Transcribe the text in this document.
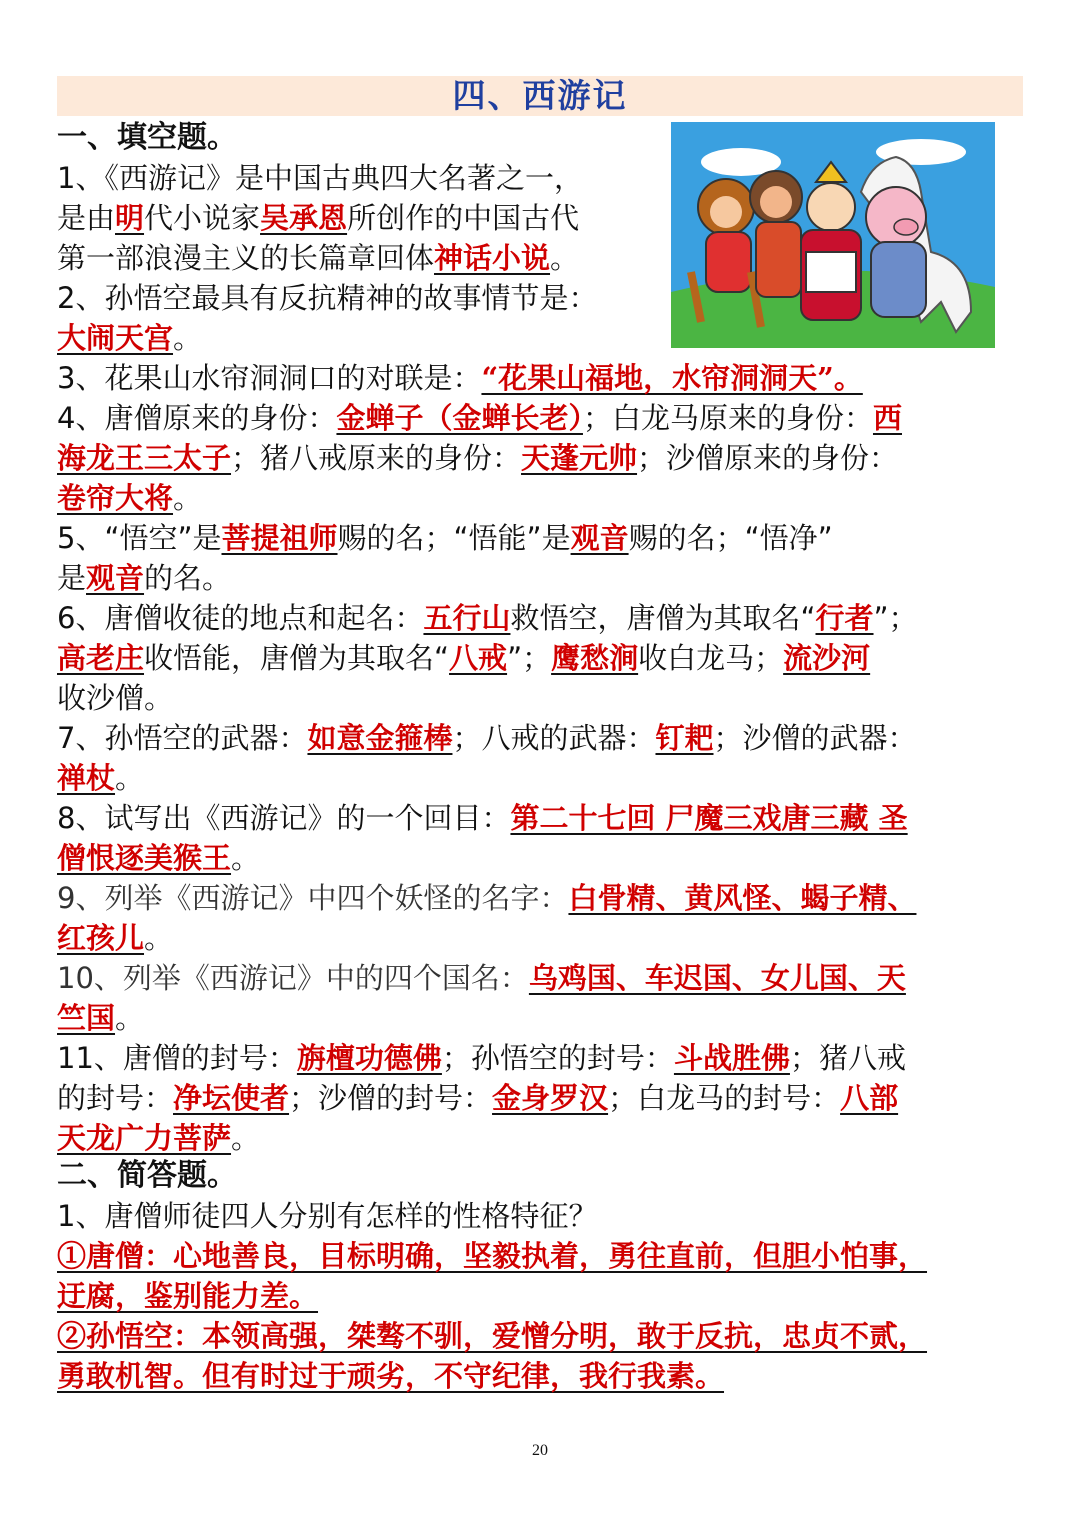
四、西游记
一、填空题。
1、《西游记》是中国古典四大名著之一，
是由明代小说家吴承恩所创作的中国古代
第一部浪漫主义的长篇章回体神话小说。
2、孙悟空最具有反抗精神的故事情节是：
大闹天宫。
3、花果山水帘洞洞口的对联是：“花果山福地，水帘洞洞天”。
4、唐僧原来的身份：金蝉子（金蝉长老）；白龙马原来的身份：西
海龙王三太子；猪八戒原来的身份：天蓬元帅；沙僧原来的身份：
卷帘大将。
5、“悟空”是菩提祖师赐的名；“悟能”是观音赐的名；“悟净”
是观音的名。
6、唐僧收徒的地点和起名：五行山救悟空，唐僧为其取名“行者”；
高老庄收悟能，唐僧为其取名“八戒”；鹰愁涧收白龙马；流沙河
收沙僧。
7、孙悟空的武器：如意金箍棒；八戒的武器：钉耙；沙僧的武器：
禅杖。
8、试写出《西游记》的一个回目：第二十七回 尸魔三戏唐三藏 圣
僧恨逐美猴王。
9、列举《西游记》中四个妖怪的名字：白骨精、黄风怪、蝎子精、
红孩儿。
10、列举《西游记》中的四个国名：乌鸡国、车迟国、女儿国、天
竺国。
11、唐僧的封号：旃檀功德佛；孙悟空的封号：斗战胜佛；猪八戒
的封号：净坛使者；沙僧的封号：金身罗汉；白龙马的封号：八部
天龙广力菩萨。
二、简答题。
1、唐僧师徒四人分别有怎样的性格特征？
①唐僧：心地善良，目标明确，坚毅执着，勇往直前，但胆小怕事，
迂腐，鉴别能力差。
②孙悟空：本领高强，桀骜不驯，爱憎分明，敢于反抗，忠贞不贰，
勇敢机智。但有时过于顽劣，不守纪律，我行我素。
20
